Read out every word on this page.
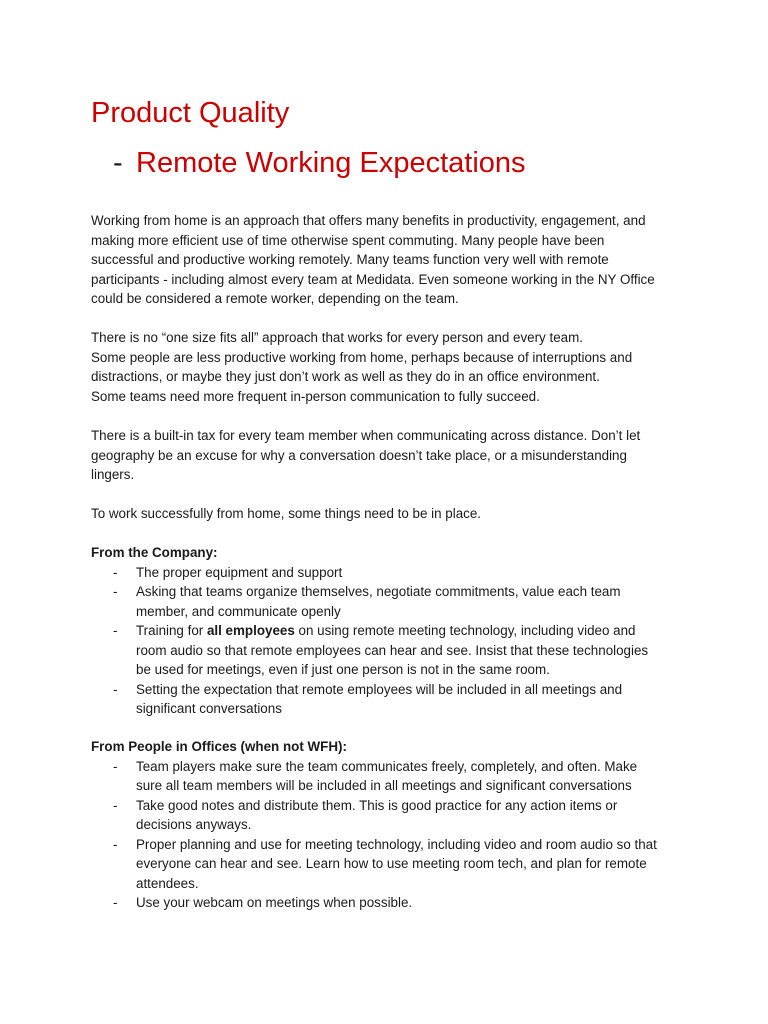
Product Quality
- Remote Working Expectations
Working from home is an approach that offers many benefits in productivity, engagement, and
making more efficient use of time otherwise spent commuting. Many people have been
successful and productive working remotely. Many teams function very well with remote
participants - including almost every team at Medidata. Even someone working in the NY Office
could be considered a remote worker, depending on the team.
There is no “one size fits all” approach that works for every person and every team.
Some people are less productive working from home, perhaps because of interruptions and
distractions, or maybe they just don’t work as well as they do in an office environment.
Some teams need more frequent in-person communication to fully succeed.
There is a built-in tax for every team member when communicating across distance. Don’t let
geography be an excuse for why a conversation doesn’t take place, or a misunderstanding
lingers.
To work successfully from home, some things need to be in place.
From the Company:
- The proper equipment and support
- Asking that teams organize themselves, negotiate commitments, value each team
member, and communicate openly
- Training for all employees on using remote meeting technology, including video and
room audio so that remote employees can hear and see. Insist that these technologies
be used for meetings, even if just one person is not in the same room.
- Setting the expectation that remote employees will be included in all meetings and
significant conversations
From People in Offices (when not WFH):
- Team players make sure the team communicates freely, completely, and often. Make
sure all team members will be included in all meetings and significant conversations
- Take good notes and distribute them. This is good practice for any action items or
decisions anyways.
- Proper planning and use for meeting technology, including video and room audio so that
everyone can hear and see. Learn how to use meeting room tech, and plan for remote
attendees.
- Use your webcam on meetings when possible.
